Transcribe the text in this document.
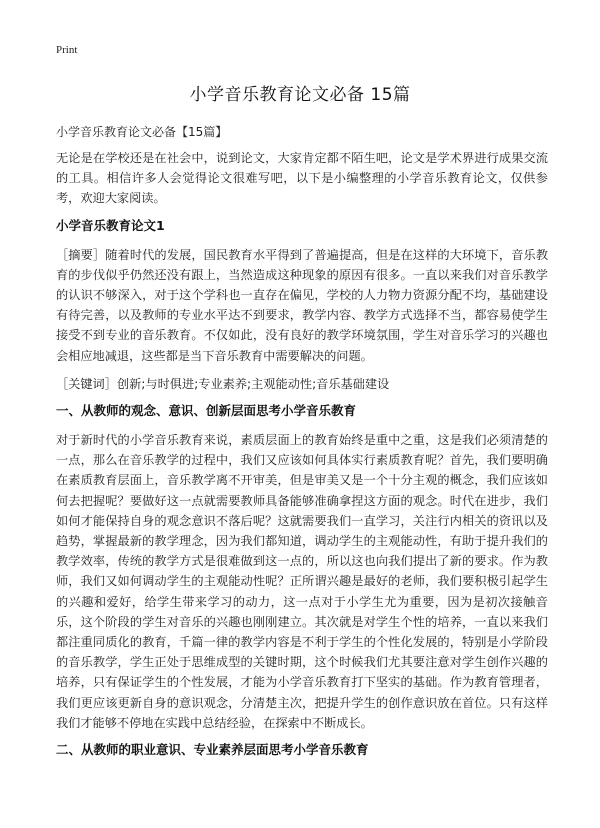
Print
小学音乐教育论文必备 15篇
小学音乐教育论文必备【15篇】

无论是在学校还是在社会中，说到论文，大家肯定都不陌生吧，论文是学术界进行成果交流的工具。相信许多人会觉得论文很难写吧，以下是小编整理的小学音乐教育论文，仅供参考，欢迎大家阅读。

小学音乐教育论文1

［摘要］随着时代的发展，国民教育水平得到了普遍提高，但是在这样的大环境下，音乐教育的步伐似乎仍然还没有跟上，当然造成这种现象的原因有很多。一直以来我们对音乐教学的认识不够深入，对于这个学科也一直存在偏见，学校的人力物力资源分配不均，基础建设有待完善，以及教师的专业水平达不到要求，教学内容、教学方式选择不当，都容易使学生接受不到专业的音乐教育。不仅如此，没有良好的教学环境氛围，学生对音乐学习的兴趣也会相应地减退，这些都是当下音乐教育中需要解决的问题。

［关键词］创新;与时俱进;专业素养;主观能动性;音乐基础建设

一、从教师的观念、意识、创新层面思考小学音乐教育

对于新时代的小学音乐教育来说，素质层面上的教育始终是重中之重，这是我们必须清楚的一点，那么在音乐教学的过程中，我们又应该如何具体实行素质教育呢？首先，我们要明确在素质教育层面上，音乐教学离不开审美，但是审美又是一个十分主观的概念，我们应该如何去把握呢？要做好这一点就需要教师具备能够准确拿捏这方面的观念。时代在进步，我们如何才能保持自身的观念意识不落后呢？这就需要我们一直学习，关注行内相关的资讯以及趋势，掌握最新的教学理念，因为我们都知道，调动学生的主观能动性，有助于提升我们的教学效率，传统的教学方式是很难做到这一点的，所以这也向我们提出了新的要求。作为教师，我们又如何调动学生的主观能动性呢？正所谓兴趣是最好的老师，我们要积极引起学生的兴趣和爱好，给学生带来学习的动力，这一点对于小学生尤为重要，因为是初次接触音乐，这个阶段的学生对音乐的兴趣也刚刚建立。其次就是对学生个性的培养，一直以来我们都注重同质化的教育，千篇一律的教学内容是不利于学生的个性化发展的，特别是小学阶段的音乐教学，学生正处于思维成型的关键时期，这个时候我们尤其要注意对学生创作兴趣的培养，只有保证学生的个性发展，才能为小学音乐教育打下坚实的基础。作为教育管理者，我们更应该更新自身的意识观念，分清楚主次，把提升学生的创作意识放在首位。只有这样我们才能够不停地在实践中总结经验，在探索中不断成长。

二、从教师的职业意识、专业素养层面思考小学音乐教育
